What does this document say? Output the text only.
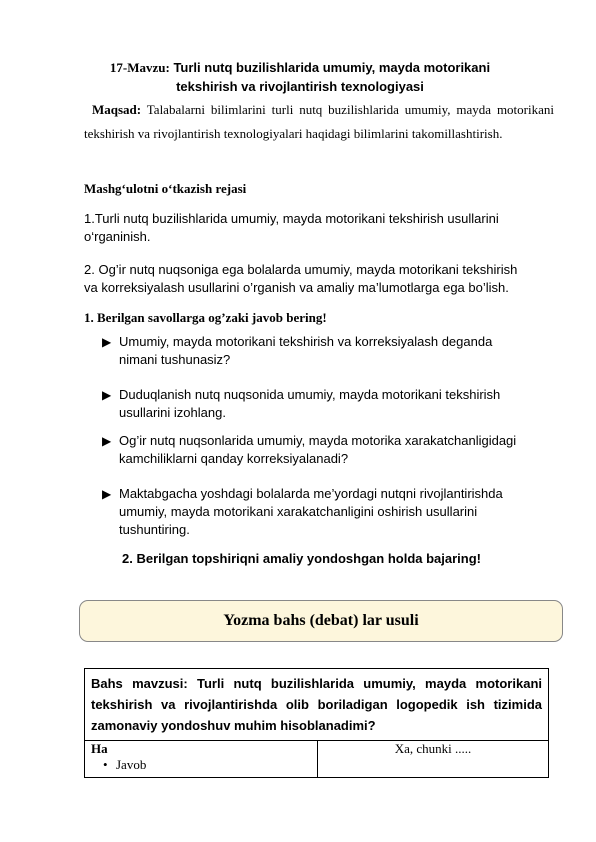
17-Mavzu: Turli nutq buzilishlarida umumiy, mayda motorikani tekshirish va rivojlantirish texnologiyasi
Maqsad: Talabalarni bilimlarini turli nutq buzilishlarida umumiy, mayda motorikani tekshirish va rivojlantirish texnologiyalari haqidagi bilimlarini takomillashtirish.
Mashg‘ulotni o‘tkazish rejasi
1.Turli nutq buzilishlarida umumiy, mayda motorikani tekshirish usullarini o‘rganinish.
2. Og’ir nutq nuqsoniga ega bolalarda umumiy, mayda motorikani tekshirish va korreksiyalash usullarini o’rganish va amaliy ma’lumotlarga ega bo’lish.
1. Berilgan savollarga og’zaki javob bering!
▶ Umumiy, mayda motorikani tekshirish va korreksiyalash deganda nimani tushunasiz?
▶ Duduqlanish nutq nuqsonida umumiy, mayda motorikani tekshirish usullarini izohlang.
▶ Og’ir nutq nuqsonlarida umumiy, mayda motorika xarakatchanligidagi kamchiliklarni qanday korreksiyalanadi?
▶ Maktabgacha yoshdagi bolalarda me’yordagi nutqni rivojlantirishda umumiy, mayda motorikani xarakatchanligini oshirish usullarini tushuntiring.
2. Berilgan topshiriqni amaliy yondoshgan holda bajaring!
Yozma bahs (debat) lar usuli
Bahs mavzusi: Turli nutq buzilishlarida umumiy, mayda motorikani tekshirish va rivojlantirishda olib boriladigan logopedik ish tizimida zamonaviy yondoshuv muhim hisoblanadimi?

Ha
• Javob
	Xa, chunki .....
